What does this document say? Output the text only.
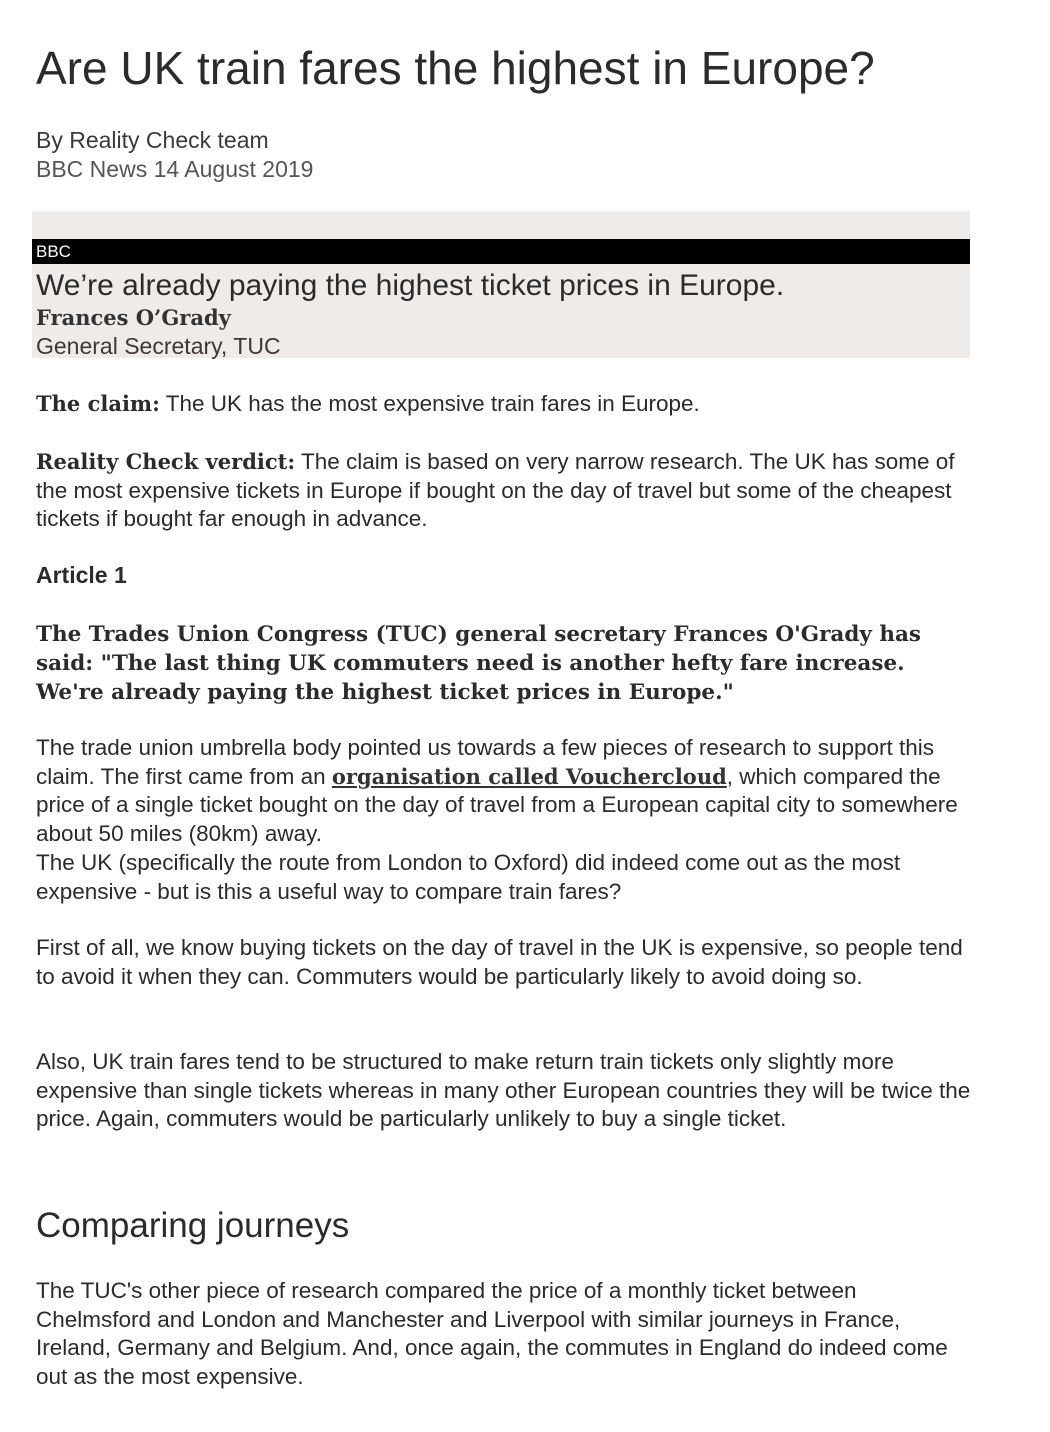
Are UK train fares the highest in Europe?
By Reality Check team
BBC News 14 August 2019
BBC
We’re already paying the highest ticket prices in Europe.
Frances O’Grady
General Secretary, TUC

The claim: The UK has the most expensive train fares in Europe.

Reality Check verdict: The claim is based on very narrow research. The UK has some of the most expensive tickets in Europe if bought on the day of travel but some of the cheapest tickets if bought far enough in advance.

Article 1

The Trades Union Congress (TUC) general secretary Frances O'Grady has said: "The last thing UK commuters need is another hefty fare increase. We're already paying the highest ticket prices in Europe."

The trade union umbrella body pointed us towards a few pieces of research to support this claim. The first came from an organisation called Vouchercloud, which compared the price of a single ticket bought on the day of travel from a European capital city to somewhere about 50 miles (80km) away.
The UK (specifically the route from London to Oxford) did indeed come out as the most expensive - but is this a useful way to compare train fares?

First of all, we know buying tickets on the day of travel in the UK is expensive, so people tend to avoid it when they can. Commuters would be particularly likely to avoid doing so.

Also, UK train fares tend to be structured to make return train tickets only slightly more expensive than single tickets whereas in many other European countries they will be twice the price. Again, commuters would be particularly unlikely to buy a single ticket.

Comparing journeys

The TUC's other piece of research compared the price of a monthly ticket between Chelmsford and London and Manchester and Liverpool with similar journeys in France, Ireland, Germany and Belgium. And, once again, the commutes in England do indeed come out as the most expensive.
